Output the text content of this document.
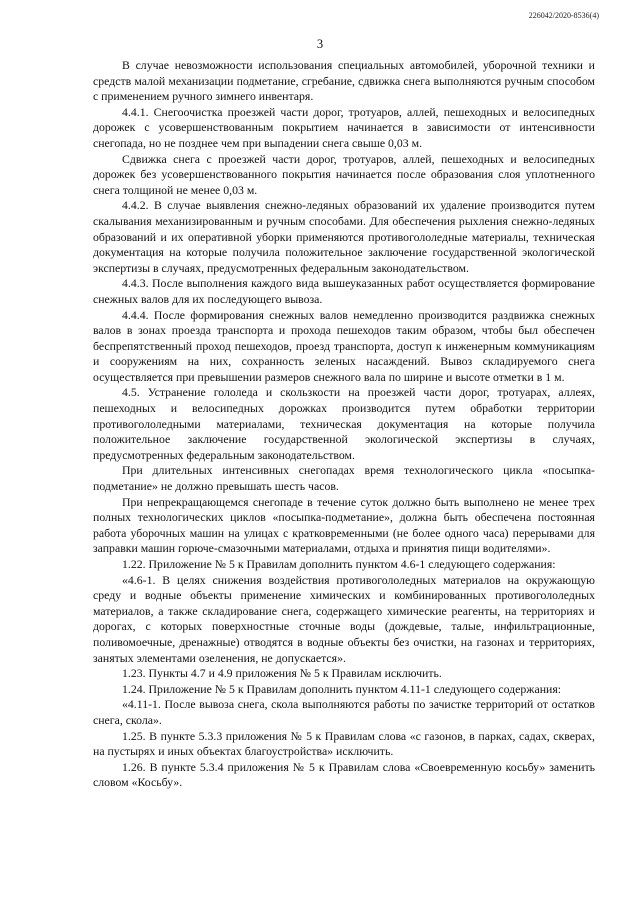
226042/2020-8536(4)
3

В случае невозможности использования специальных автомобилей, уборочной техники и средств малой механизации подметание, сгребание, сдвижка снега выполняются ручным способом с применением ручного зимнего инвентаря.

4.4.1. Снегоочистка проезжей части дорог, тротуаров, аллей, пешеходных и велосипедных дорожек с усовершенствованным покрытием начинается в зависимости от интенсивности снегопада, но не позднее чем при выпадении снега свыше 0,03 м.

Сдвижка снега с проезжей части дорог, тротуаров, аллей, пешеходных и велосипедных дорожек без усовершенствованного покрытия начинается после образования слоя уплотненного снега толщиной не менее 0,03 м.

4.4.2. В случае выявления снежно-ледяных образований их удаление производится путем скалывания механизированным и ручным способами. Для обеспечения рыхления снежно-ледяных образований и их оперативной уборки применяются противогололедные материалы, техническая документация на которые получила положительное заключение государственной экологической экспертизы в случаях, предусмотренных федеральным законодательством.

4.4.3. После выполнения каждого вида вышеуказанных работ осуществляется формирование снежных валов для их последующего вывоза.

4.4.4. После формирования снежных валов немедленно производится раздвижка снежных валов в зонах проезда транспорта и прохода пешеходов таким образом, чтобы был обеспечен беспрепятственный проход пешеходов, проезд транспорта, доступ к инженерным коммуникациям и сооружениям на них, сохранность зеленых насаждений. Вывоз складируемого снега осуществляется при превышении размеров снежного вала по ширине и высоте отметки в 1 м.

4.5. Устранение гололеда и скользкости на проезжей части дорог, тротуарах, аллеях, пешеходных и велосипедных дорожках производится путем обработки территории противогололедными материалами, техническая документация на которые получила положительное заключение государственной экологической экспертизы в случаях, предусмотренных федеральным законодательством.

При длительных интенсивных снегопадах время технологического цикла «посыпка-подметание» не должно превышать шесть часов.

При непрекращающемся снегопаде в течение суток должно быть выполнено не менее трех полных технологических циклов «посыпка-подметание», должна быть обеспечена постоянная работа уборочных машин на улицах с кратковременными (не более одного часа) перерывами для заправки машин горюче-смазочными материалами, отдыха и принятия пищи водителями».

1.22. Приложение № 5 к Правилам дополнить пунктом 4.6-1 следующего содержания:

«4.6-1. В целях снижения воздействия противогололедных материалов на окружающую среду и водные объекты применение химических и комбинированных противогололедных материалов, а также складирование снега, содержащего химические реагенты, на территориях и дорогах, с которых поверхностные сточные воды (дождевые, талые, инфильтрационные, поливомоечные, дренажные) отводятся в водные объекты без очистки, на газонах и территориях, занятых элементами озеленения, не допускается».

1.23. Пункты 4.7 и 4.9 приложения № 5 к Правилам исключить.

1.24. Приложение № 5 к Правилам дополнить пунктом 4.11-1 следующего содержания:

«4.11-1. После вывоза снега, скола выполняются работы по зачистке территорий от остатков снега, скола».

1.25. В пункте 5.3.3 приложения № 5 к Правилам слова «с газонов, в парках, садах, скверах, на пустырях и иных объектах благоустройства» исключить.

1.26. В пункте 5.3.4 приложения № 5 к Правилам слова «Своевременную косьбу» заменить словом «Косьбу».
